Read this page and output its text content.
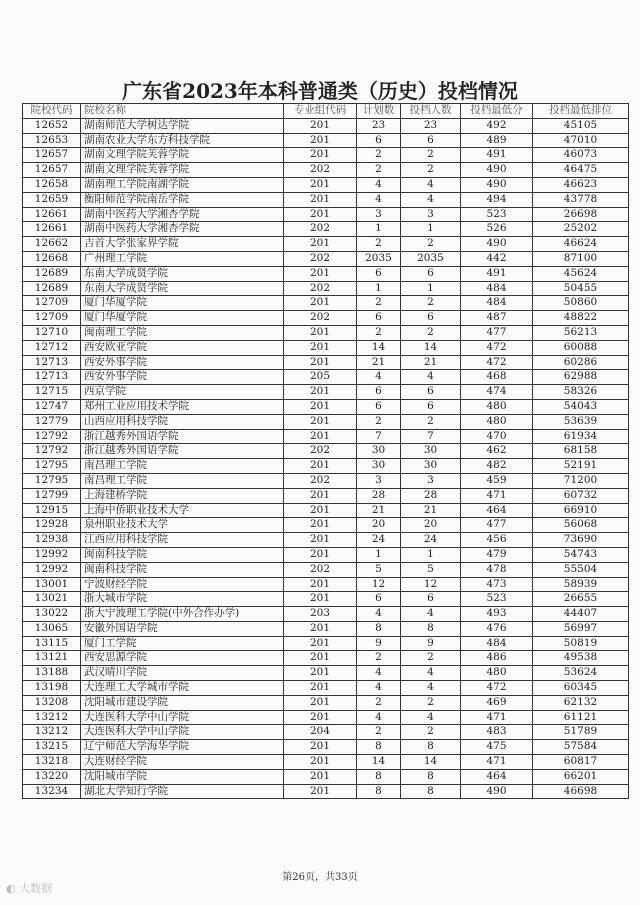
广东省2023年本科普通类（历史）投档情况
院校代码	院校名称	专业组代码	计划数	投档人数	投档最低分	投档最低排位
12652	湖南师范大学树达学院	201	23	23	492	45105
12653	湖南农业大学东方科技学院	201	6	6	489	47010
12657	湖南文理学院芙蓉学院	201	2	2	491	46073
12657	湖南文理学院芙蓉学院	202	2	2	490	46475
12658	湖南理工学院南湖学院	201	4	4	490	46623
12659	衡阳师范学院南岳学院	201	4	4	494	43778
12661	湖南中医药大学湘杏学院	201	3	3	523	26698
12661	湖南中医药大学湘杏学院	202	1	1	526	25202
12662	吉首大学张家界学院	201	2	2	490	46624
12668	广州理工学院	202	2035	2035	442	87100
12689	东南大学成贤学院	201	6	6	491	45624
12689	东南大学成贤学院	202	1	1	484	50455
12709	厦门华厦学院	201	2	2	484	50860
12709	厦门华厦学院	202	6	6	487	48822
12710	闽南理工学院	201	2	2	477	56213
12712	西安欧亚学院	201	14	14	472	60088
12713	西安外事学院	201	21	21	472	60286
12713	西安外事学院	205	4	4	468	62988
12715	西京学院	201	6	6	474	58326
12747	郑州工业应用技术学院	201	6	6	480	54043
12779	山西应用科技学院	201	2	2	480	53639
12792	浙江越秀外国语学院	201	7	7	470	61934
12792	浙江越秀外国语学院	202	30	30	462	68158
12795	南昌理工学院	201	30	30	482	52191
12795	南昌理工学院	202	3	3	459	71200
12799	上海建桥学院	201	28	28	471	60732
12915	上海中侨职业技术大学	201	21	21	464	66910
12928	泉州职业技术大学	201	20	20	477	56068
12938	江西应用科技学院	201	24	24	456	73690
12992	闽南科技学院	201	1	1	479	54743
12992	闽南科技学院	202	5	5	478	55504
13001	宁波财经学院	201	12	12	473	58939
13021	浙大城市学院	201	6	6	523	26655
13022	浙大宁波理工学院(中外合作办学)	203	4	4	493	44407
13065	安徽外国语学院	201	8	8	476	56997
13115	厦门工学院	201	9	9	484	50819
13121	西安思源学院	201	2	2	486	49538
13188	武汉晴川学院	201	4	4	480	53624
13198	大连理工大学城市学院	201	4	4	472	60345
13208	沈阳城市建设学院	201	2	2	469	62132
13212	大连医科大学中山学院	201	4	4	471	61121
13212	大连医科大学中山学院	204	2	2	483	51789
13215	辽宁师范大学海华学院	201	8	8	475	57584
13218	大连财经学院	201	14	14	471	60817
13220	沈阳城市学院	201	8	8	464	66201
13234	湖北大学知行学院	201	8	8	490	46698
第26页，共33页
◐ 大数据
